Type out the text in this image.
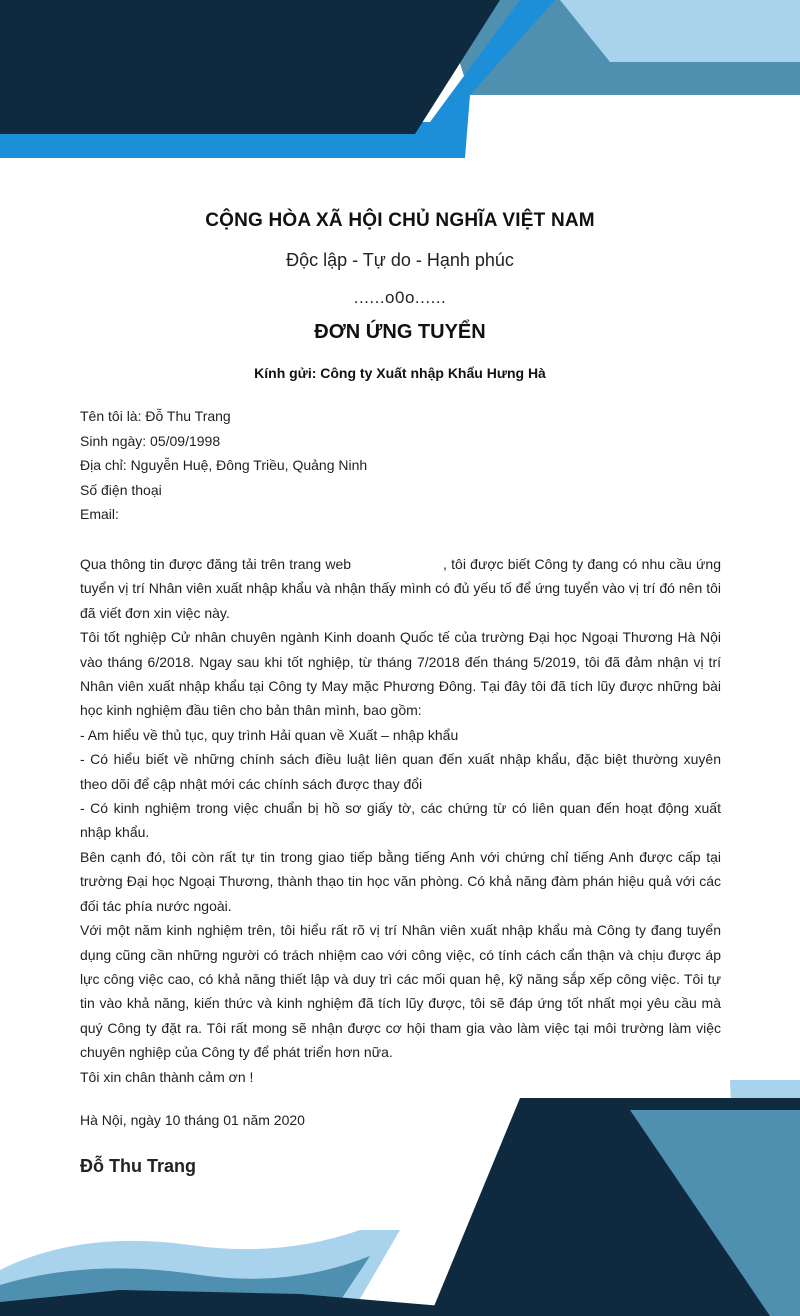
CỘNG HÒA XÃ HỘI CHỦ NGHĨA VIỆT NAM
Độc lập - Tự do - Hạnh phúc
......o0o......
ĐƠN ỨNG TUYỂN
Kính gửi: Công ty Xuất nhập Khẩu Hưng Hà
Tên tôi là: Đỗ Thu Trang
Sinh ngày: 05/09/1998
Địa chỉ: Nguyễn Huệ, Đông Triều, Quảng Ninh
Số điện thoại
Email:

Qua thông tin được đăng tải trên trang web	, tôi được biết Công ty đang có nhu cầu ứng tuyển vị trí Nhân viên xuất nhập khẩu và nhận thấy mình có đủ yếu tố để ứng tuyển vào vị trí đó nên tôi đã viết đơn xin việc này.

Tôi tốt nghiệp Cử nhân chuyên ngành Kinh doanh Quốc tế của trường Đại học Ngoại Thương Hà Nội vào tháng 6/2018. Ngay sau khi tốt nghiệp, từ tháng 7/2018 đến tháng 5/2019, tôi đã đảm nhận vị trí Nhân viên xuất nhập khẩu tại Công ty May mặc Phương Đông. Tại đây tôi đã tích lũy được những bài học kinh nghiệm đầu tiên cho bản thân mình, bao gồm:

- Am hiểu về thủ tục, quy trình Hải quan về Xuất – nhập khẩu

- Có hiểu biết về những chính sách điều luật liên quan đến xuất nhập khẩu, đặc biệt thường xuyên theo dõi để cập nhật mới các chính sách được thay đổi

- Có kinh nghiệm trong việc chuẩn bị hồ sơ giấy tờ, các chứng từ có liên quan đến hoạt động xuất nhập khẩu.

Bên cạnh đó, tôi còn rất tự tin trong giao tiếp bằng tiếng Anh với chứng chỉ tiếng Anh được cấp tại trường Đại học Ngoại Thương, thành thạo tin học văn phòng. Có khả năng đàm phán hiệu quả với các đối tác phía nước ngoài.

Với một năm kinh nghiệm trên, tôi hiểu rất rõ vị trí Nhân viên xuất nhập khẩu mà Công ty đang tuyển dụng cũng cần những người có trách nhiệm cao với công việc, có tính cách cẩn thận và chịu được áp lực công việc cao, có khả năng thiết lập và duy trì các mối quan hệ, kỹ năng sắp xếp công việc. Tôi tự tin vào khả năng, kiến thức và kinh nghiệm đã tích lũy được, tôi sẽ đáp ứng tốt nhất mọi yêu cầu mà quý Công ty đặt ra. Tôi rất mong sẽ nhận được cơ hội tham gia vào làm việc tại môi trường làm việc chuyên nghiệp của Công ty để phát triển hơn nữa.

Tôi xin chân thành cảm ơn !

Hà Nội, ngày 10 tháng 01 năm 2020
Đỗ Thu Trang
